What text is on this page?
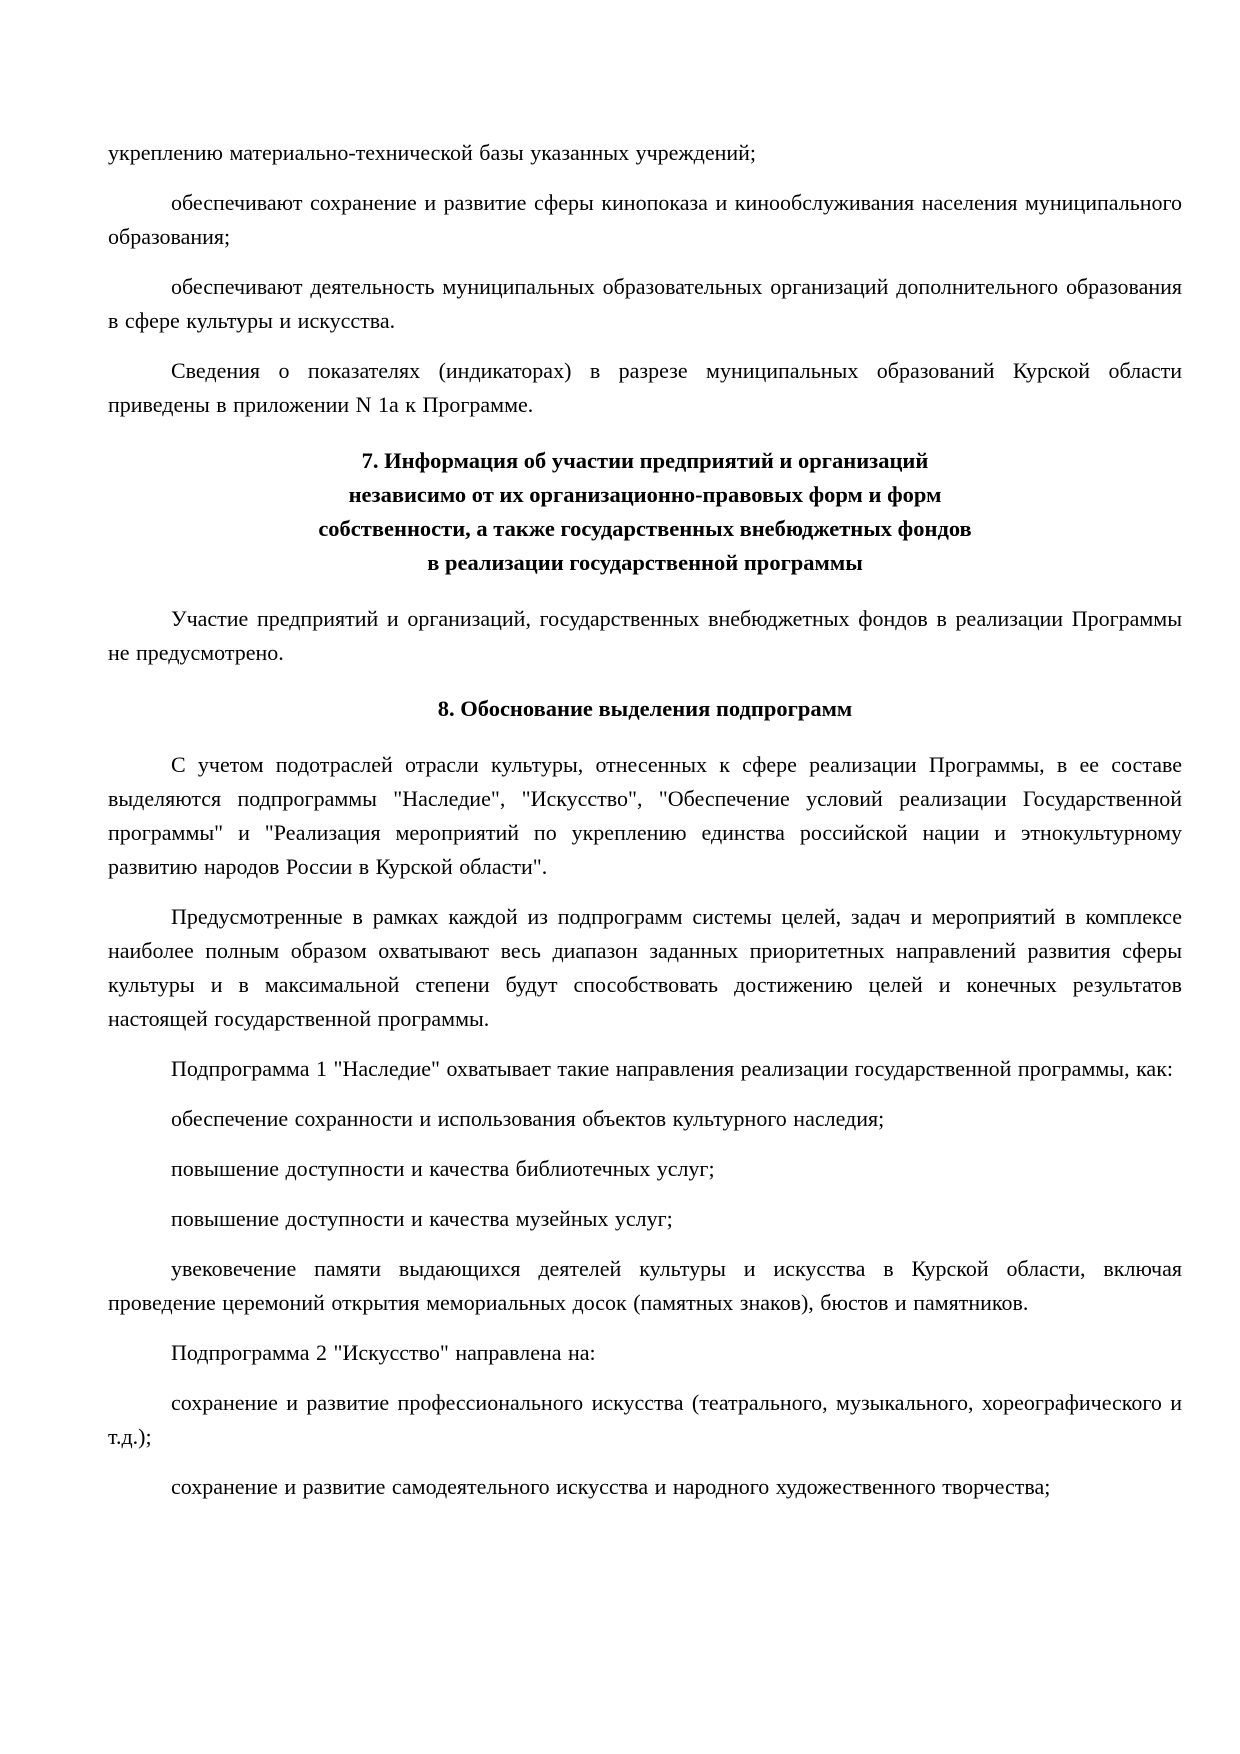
укреплению материально-технической базы указанных учреждений;

обеспечивают сохранение и развитие сферы кинопоказа и кинообслуживания населения муниципального образования;

обеспечивают деятельность муниципальных образовательных организаций дополнительного образования в сфере культуры и искусства.

Сведения о показателях (индикаторах) в разрезе муниципальных образований Курской области приведены в приложении N 1а к Программе.

7. Информация об участии предприятий и организаций
независимо от их организационно-правовых форм и форм
собственности, а также государственных внебюджетных фондов
в реализации государственной программы

Участие предприятий и организаций, государственных внебюджетных фондов в реализации Программы не предусмотрено.

8. Обоснование выделения подпрограмм

С учетом подотраслей отрасли культуры, отнесенных к сфере реализации Программы, в ее составе выделяются подпрограммы "Наследие", "Искусство", "Обеспечение условий реализации Государственной программы" и "Реализация мероприятий по укреплению единства российской нации и этнокультурному развитию народов России в Курской области".

Предусмотренные в рамках каждой из подпрограмм системы целей, задач и мероприятий в комплексе наиболее полным образом охватывают весь диапазон заданных приоритетных направлений развития сферы культуры и в максимальной степени будут способствовать достижению целей и конечных результатов настоящей государственной программы.

Подпрограмма 1 "Наследие" охватывает такие направления реализации государственной программы, как:

обеспечение сохранности и использования объектов культурного наследия;

повышение доступности и качества библиотечных услуг;

повышение доступности и качества музейных услуг;

увековечение памяти выдающихся деятелей культуры и искусства в Курской области, включая проведение церемоний открытия мемориальных досок (памятных знаков), бюстов и памятников.

Подпрограмма 2 "Искусство" направлена на:

сохранение и развитие профессионального искусства (театрального, музыкального, хореографического и т.д.);

сохранение и развитие самодеятельного искусства и народного художественного творчества;
